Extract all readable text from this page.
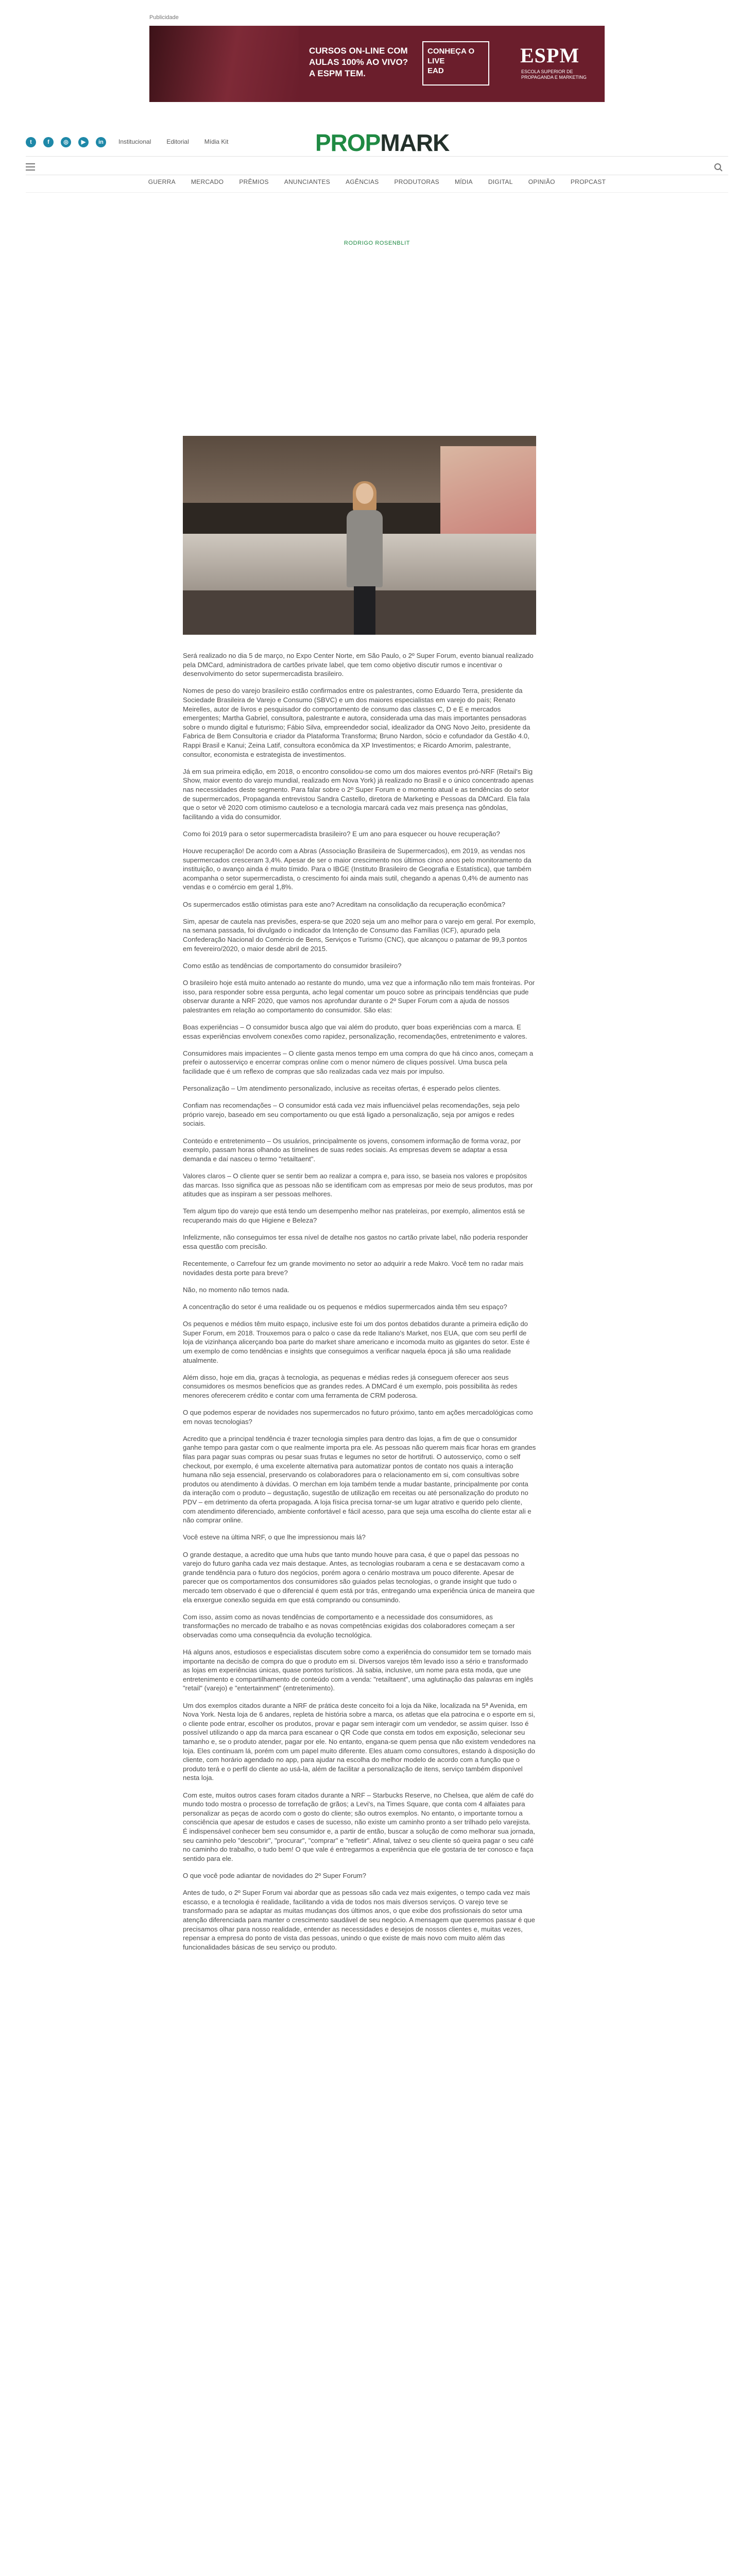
Publicidade
CURSOS ON-LINE COM
AULAS 100% AO VIVO?
A ESPM TEM.
CONHEÇA O
LIVE
EAD
ESPM
ESCOLA SUPERIOR DE PROPAGANDA E MARKETING
t	f	◎	▶	in	Institucional	Editorial	Mídia Kit	PROPMARK
GUERRA	MERCADO	PRÊMIOS	ANUNCIANTES	AGÊNCIAS	PRODUTORAS	MÍDIA	DIGITAL	OPINIÃO	PROPCAST
RODRIGO ROSENBLIT

Será realizado no dia 5 de março, no Expo Center Norte, em São Paulo, o 2º Super Forum, evento bianual realizado pela DMCard, administradora de cartões private label, que tem como objetivo discutir rumos e incentivar o desenvolvimento do setor supermercadista brasileiro.

Nomes de peso do varejo brasileiro estão confirmados entre os palestrantes, como Eduardo Terra, presidente da Sociedade Brasileira de Varejo e Consumo (SBVC) e um dos maiores especialistas em varejo do país; Renato Meirelles, autor de livros e pesquisador do comportamento de consumo das classes C, D e E e mercados emergentes; Martha Gabriel, consultora, palestrante e autora, considerada uma das mais importantes pensadoras sobre o mundo digital e futurismo; Fábio Silva, empreendedor social, idealizador da ONG Novo Jeito, presidente da Fabrica de Bem Consultoria e criador da Plataforma Transforma; Bruno Nardon, sócio e cofundador da Gestão 4.0, Rappi Brasil e Kanui; Zeina Latif, consultora econômica da XP Investimentos; e Ricardo Amorim, palestrante, consultor, economista e estrategista de investimentos.

Já em sua primeira edição, em 2018, o encontro consolidou-se como um dos maiores eventos pró-NRF (Retail's Big Show, maior evento do varejo mundial, realizado em Nova York) já realizado no Brasil e o único concentrado apenas nas necessidades deste segmento. Para falar sobre o 2º Super Forum e o momento atual e as tendências do setor de supermercados, Propaganda entrevistou Sandra Castello, diretora de Marketing e Pessoas da DMCard. Ela fala que o setor vê 2020 com otimismo cauteloso e a tecnologia marcará cada vez mais presença nas gôndolas, facilitando a vida do consumidor.

Como foi 2019 para o setor supermercadista brasileiro? E um ano para esquecer ou houve recuperação?

Houve recuperação! De acordo com a Abras (Associação Brasileira de Supermercados), em 2019, as vendas nos supermercados cresceram 3,4%. Apesar de ser o maior crescimento nos últimos cinco anos pelo monitoramento da instituição, o avanço ainda é muito tímido. Para o IBGE (Instituto Brasileiro de Geografia e Estatística), que também acompanha o setor supermercadista, o crescimento foi ainda mais sutil, chegando a apenas 0,4% de aumento nas vendas e o comércio em geral 1,8%.

Os supermercados estão otimistas para este ano? Acreditam na consolidação da recuperação econômica?

Sim, apesar de cautela nas previsões, espera-se que 2020 seja um ano melhor para o varejo em geral. Por exemplo, na semana passada, foi divulgado o indicador da Intenção de Consumo das Famílias (ICF), apurado pela Confederação Nacional do Comércio de Bens, Serviços e Turismo (CNC), que alcançou o patamar de 99,3 pontos em fevereiro/2020, o maior desde abril de 2015.

Como estão as tendências de comportamento do consumidor brasileiro?

O brasileiro hoje está muito antenado ao restante do mundo, uma vez que a informação não tem mais fronteiras. Por isso, para responder sobre essa pergunta, acho legal comentar um pouco sobre as principais tendências que pude observar durante a NRF 2020, que vamos nos aprofundar durante o 2º Super Forum com a ajuda de nossos palestrantes em relação ao comportamento do consumidor. São elas:

Boas experiências – O consumidor busca algo que vai além do produto, quer boas experiências com a marca. E essas experiências envolvem conexões como rapidez, personalização, recomendações, entretenimento e valores.

Consumidores mais impacientes – O cliente gasta menos tempo em uma compra do que há cinco anos, começam a prefeir o autosserviço e encerrar compras online com o menor número de cliques possível. Uma busca pela facilidade que é um reflexo de compras que são realizadas cada vez mais por impulso.

Personalização – Um atendimento personalizado, inclusive as receitas ofertas, é esperado pelos clientes.

Confiam nas recomendações – O consumidor está cada vez mais influenciável pelas recomendações, seja pelo próprio varejo, baseado em seu comportamento ou que está ligado a personalização, seja por amigos e redes sociais.

Conteúdo e entretenimento – Os usuários, principalmente os jovens, consomem informação de forma voraz, por exemplo, passam horas olhando as timelines de suas redes sociais. As empresas devem se adaptar a essa demanda e daí nasceu o termo "retailtaent".

Valores claros – O cliente quer se sentir bem ao realizar a compra e, para isso, se baseia nos valores e propósitos das marcas. Isso significa que as pessoas não se identificam com as empresas por meio de seus produtos, mas por atitudes que as inspiram a ser pessoas melhores.

Tem algum tipo do varejo que está tendo um desempenho melhor nas prateleiras, por exemplo, alimentos está se recuperando mais do que Higiene e Beleza?

Infelizmente, não conseguimos ter essa nível de detalhe nos gastos no cartão private label, não poderia responder essa questão com precisão.

Recentemente, o Carrefour fez um grande movimento no setor ao adquirir a rede Makro. Você tem no radar mais novidades desta porte para breve?

Não, no momento não temos nada.

A concentração do setor é uma realidade ou os pequenos e médios supermercados ainda têm seu espaço?

Os pequenos e médios têm muito espaço, inclusive este foi um dos pontos debatidos durante a primeira edição do Super Forum, em 2018. Trouxemos para o palco o case da rede Italiano's Market, nos EUA, que com seu perfil de loja de vizinhança alicerçando boa parte do market share americano e incomoda muito as gigantes do setor. Este é um exemplo de como tendências e insights que conseguimos a verificar naquela época já são uma realidade atualmente.

Além disso, hoje em dia, graças à tecnologia, as pequenas e médias redes já conseguem oferecer aos seus consumidores os mesmos benefícios que as grandes redes. A DMCard é um exemplo, pois possibilita às redes menores oferecerem crédito e contar com uma ferramenta de CRM poderosa.

O que podemos esperar de novidades nos supermercados no futuro próximo, tanto em ações mercadológicas como em novas tecnologias?

Acredito que a principal tendência é trazer tecnologia simples para dentro das lojas, a fim de que o consumidor ganhe tempo para gastar com o que realmente importa pra ele. As pessoas não querem mais ficar horas em grandes filas para pagar suas compras ou pesar suas frutas e legumes no setor de hortifruti. O autosserviço, como o self checkout, por exemplo, é uma excelente alternativa para automatizar pontos de contato nos quais a interação humana não seja essencial, preservando os colaboradores para o relacionamento em si, com consultivas sobre produtos ou atendimento à dúvidas. O merchan em loja também tende a mudar bastante, principalmente por conta da interação com o produto – degustação, sugestão de utilização em receitas ou até personalização do produto no PDV – em detrimento da oferta propagada. A loja física precisa tornar-se um lugar atrativo e querido pelo cliente, com atendimento diferenciado, ambiente confortável e fácil acesso, para que seja uma escolha do cliente estar ali e não comprar online.

Você esteve na última NRF, o que lhe impressionou mais lá?

O grande destaque, a acredito que uma hubs que tanto mundo houve para casa, é que o papel das pessoas no varejo do futuro ganha cada vez mais destaque. Antes, as tecnologias roubaram a cena e se destacavam como a grande tendência para o futuro dos negócios, porém agora o cenário mostrava um pouco diferente. Apesar de parecer que os comportamentos dos consumidores são guiados pelas tecnologias, o grande insight que tudo o mercado tem observado é que o diferencial é quem está por trás, entregando uma experiência única de maneira que ela enxergue conexão seguida em que está comprando ou consumindo.

Com isso, assim como as novas tendências de comportamento e a necessidade dos consumidores, as transformações no mercado de trabalho e as novas competências exigidas dos colaboradores começam a ser observadas como uma consequência da evolução tecnológica.

Há alguns anos, estudiosos e especialistas discutem sobre como a experiência do consumidor tem se tornado mais importante na decisão de compra do que o produto em si. Diversos varejos têm levado isso a sério e transformado as lojas em experiências únicas, quase pontos turísticos. Já sabia, inclusive, um nome para esta moda, que une entretenimento e compartilhamento de conteúdo com a venda: "retailtaent", uma aglutinação das palavras em inglês "retail" (varejo) e "entertainment" (entretenimento).

Um dos exemplos citados durante a NRF de prática deste conceito foi a loja da Nike, localizada na 5ª Avenida, em Nova York. Nesta loja de 6 andares, repleta de história sobre a marca, os atletas que ela patrocina e o esporte em si, o cliente pode entrar, escolher os produtos, provar e pagar sem interagir com um vendedor, se assim quiser. Isso é possível utilizando o app da marca para escanear o QR Code que consta em todos em exposição, selecionar seu tamanho e, se o produto atender, pagar por ele. No entanto, engana-se quem pensa que não existem vendedores na loja. Eles continuam lá, porém com um papel muito diferente. Eles atuam como consultores, estando à disposição do cliente, com horário agendado no app, para ajudar na escolha do melhor modelo de acordo com a função que o produto terá e o perfil do cliente ao usá-la, além de facilitar a personalização de itens, serviço também disponível nesta loja.

Com este, muitos outros cases foram citados durante a NRF – Starbucks Reserve, no Chelsea, que além de café do mundo todo mostra o processo de torrefação de grãos; a Levi's, na Times Square, que conta com 4 alfaiates para personalizar as peças de acordo com o gosto do cliente; são outros exemplos. No entanto, o importante tornou a consciência que apesar de estudos e cases de sucesso, não existe um caminho pronto a ser trilhado pelo varejista. É indispensável conhecer bem seu consumidor e, a partir de então, buscar a solução de como melhorar sua jornada, seu caminho pelo "descobrir", "procurar", "comprar" e "refletir". Afinal, talvez o seu cliente só queira pagar o seu café no caminho do trabalho, o tudo bem! O que vale é entregarmos a experiência que ele gostaria de ter conosco e faça sentido para ele.

O que você pode adiantar de novidades do 2º Super Forum?

Antes de tudo, o 2º Super Forum vai abordar que as pessoas são cada vez mais exigentes, o tempo cada vez mais escasso, e a tecnologia é realidade, facilitando a vida de todos nos mais diversos serviços. O varejo teve se transformado para se adaptar as muitas mudanças dos últimos anos, o que exibe dos profissionais do setor uma atenção diferenciada para manter o crescimento saudável de seu negócio. A mensagem que queremos passar é que precisamos olhar para nosso realidade, entender as necessidades e desejos de nossos clientes e, muitas vezes, repensar a empresa do ponto de vista das pessoas, unindo o que existe de mais novo com muito além das funcionalidades básicas de seu serviço ou produto.
